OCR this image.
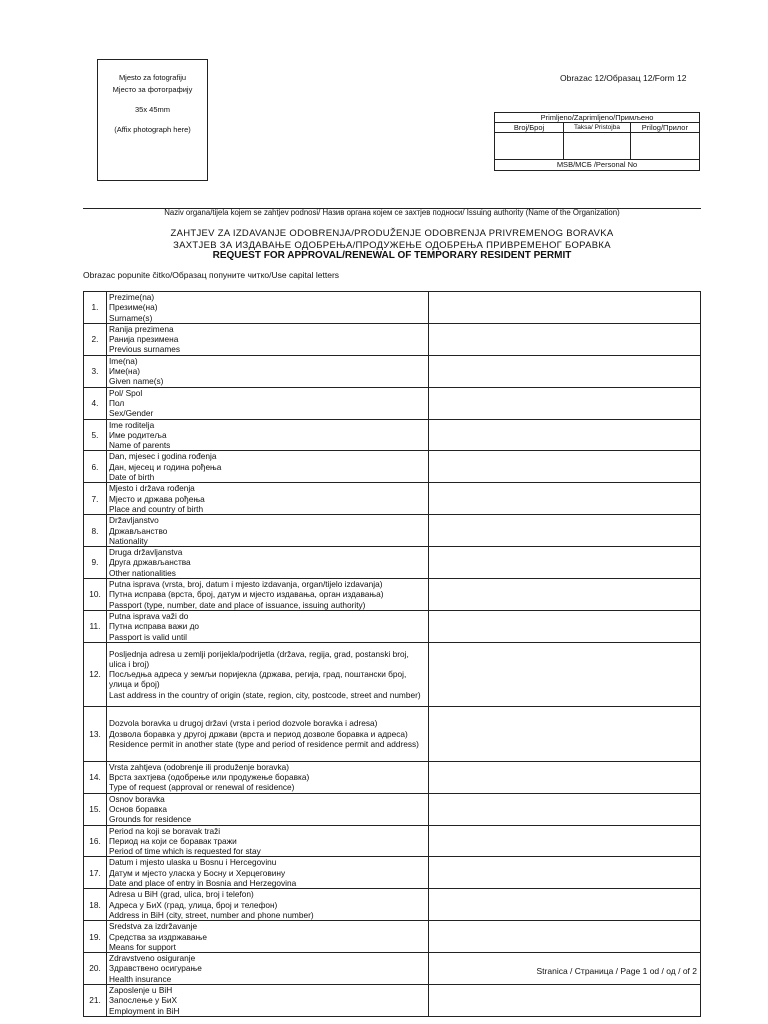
Mjesto za fotografiju
Мјесто за фотографију
35x 45mm
(Affix photograph here)
Obrazac 12/Образац 12/Form 12
Primljeno/Zaprimljeno/Примљено
Broj/Број	Taksa/ Pristojba	Prilog/Прилог
MSB/МСБ /Personal No
Naziv organa/tijela kojem se zahtjev podnosi/ Назив органа којем се захтјев подноси/ Issuing authority (Name of the Organization)
ZAHTJEV ZA IZDAVANJE ODOBRENJA/PRODUŽENJE ODOBRENJA PRIVREMENOG BORAVKA
ЗАХТЈЕВ ЗА ИЗДАВАЊЕ ОДОБРЕЊА/ПРОДУЖЕЊЕ ОДОБРЕЊА ПРИВРЕМЕНОГ БОРАВКА
REQUEST FOR APPROVAL/RENEWAL OF TEMPORARY RESIDENT PERMIT
Obrazac popunite čitko/Образац попуните читко/Use capital letters
1.	Prezime(na)
Презиме(на)
Surname(s)	

2.	Ranija prezimena
Ранија презимена
Previous surnames	

3.	Ime(na)
Име(на)
Given name(s)	

4.	Pol/ Spol
Пол
Sex/Gender	

5.	Ime roditelja
Име родитеља
Name of parents	

6.	Dan, mjesec i godina rođenja
Дан, мјесец и година рођења
Date of birth	

7.	Mjesto i država rođenja
Мјесто и држава рођења
Place and country of birth	

8.	Državljanstvo
Држављанство
Nationality	

9.	Druga državljanstva
Друга држављанства
Other nationalities	

10.	Putna isprava (vrsta, broj, datum i mjesto izdavanja, organ/tijelo izdavanja)
Путна исправа (врста, број, датум и мјесто издавања, орган издавања)
Passport (type, number, date and place of issuance, issuing authority)	

11.	Putna isprava važi do
Путна исправа важи до
Passport is valid until	

12.	Posljednja adresa u zemlji porijekla/podrijetla (država, regija, grad, postanski broj, ulica i broj)
Посљедња адреса у земљи поријекла (држава, регија, град, поштански број, улица и број)
Last address in the country of origin (state, region, city, postcode, street and number)	

13.	Dozvola boravka u drugoj državi (vrsta i period dozvole boravka i adresa)
Дозвола боравка у другој држави (врста и период дозволе боравка и адреса)
Residence permit in another state (type and period of residence permit and address)	

14.	Vrsta zahtjeva (odobrenje ili produženje boravka)
Врста захтјева (одобрење или продужење боравка)
Type of request (approval or renewal of residence)	

15.	Osnov boravka
Основ боравка
Grounds for residence	

16.	Period na koji se boravak traži
Период на који се боравак тражи
Period of time which is requested for stay	

17.	Datum i mjesto ulaska u Bosnu i Hercegovinu
Датум и мјесто уласка у Босну и Херцеговину
Date and place of entry in Bosnia and Herzegovina	

18.	Adresa u BiH (grad, ulica, broj i telefon)
Адреса у БиХ (град, улица, број и телефон)
Address in BiH (city, street, number and phone number)	

19.	Sredstva za izdržavanje
Средства за издржавање
Means for support	

20.	Zdravstveno osiguranje
Здравствено осигурање
Health insurance	

21.	Zaposlenje u BiH
Запослење у БиХ
Employment in BiH	

Stranica / Страница / Page 1 od / од / of 2
